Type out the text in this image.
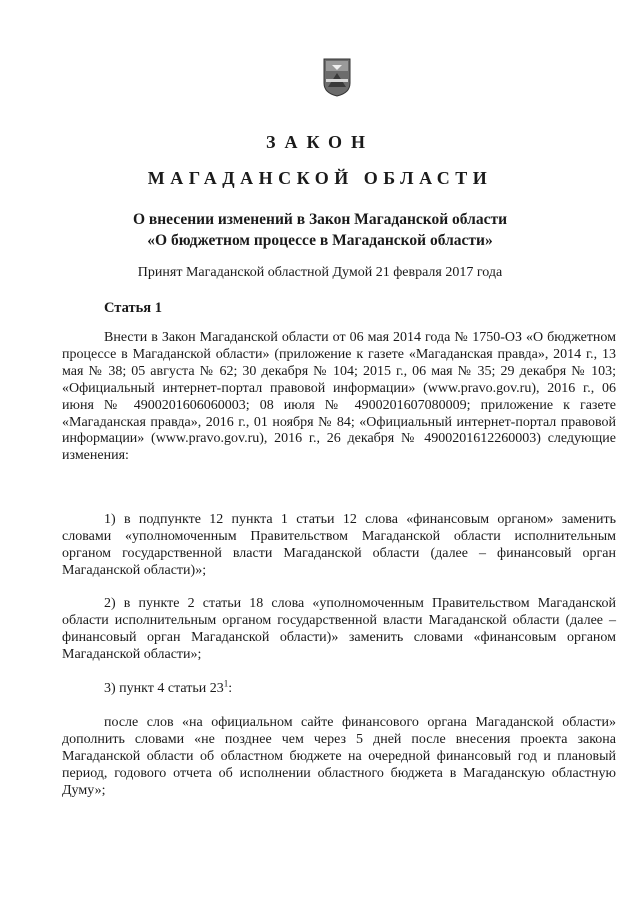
ЗАКОН
МАГАДАНСКОЙ ОБЛАСТИ
О внесении изменений в Закон Магаданской области
«О бюджетном процессе в Магаданской области»
Принят Магаданской областной Думой 21 февраля 2017 года
Статья 1

Внести в Закон Магаданской области от 06 мая 2014 года № 1750-ОЗ «О бюджетном процессе в Магаданской области» (приложение к газете «Магаданская правда», 2014 г., 13 мая № 38; 05 августа № 62; 30 декабря № 104; 2015 г., 06 мая № 35; 29 декабря № 103; «Официальный интернет-портал правовой информации» (www.pravo.gov.ru), 2016 г., 06 июня № 4900201606060003; 08 июля № 4900201607080009; приложение к газете «Магаданская правда», 2016 г., 01 ноября № 84; «Официальный интернет-портал правовой информации» (www.pravo.gov.ru), 2016 г., 26 декабря № 4900201612260003) следующие изменения:

1) в подпункте 12 пункта 1 статьи 12 слова «финансовым органом» заменить словами «уполномоченным Правительством Магаданской области исполнительным органом государственной власти Магаданской области (далее – финансовый орган Магаданской области)»;

2) в пункте 2 статьи 18 слова «уполномоченным Правительством Магаданской области исполнительным органом государственной власти Магаданской области (далее – финансовый орган Магаданской области)» заменить словами «финансовым органом Магаданской области»;

3) пункт 4 статьи $23^1$:

после слов «на официальном сайте финансового органа Магаданской области» дополнить словами «не позднее чем через 5 дней после внесения проекта закона Магаданской области об областном бюджете на очередной финансовый год и плановый период, годового отчета об исполнении областного бюджета в Магаданскую областную Думу»;
